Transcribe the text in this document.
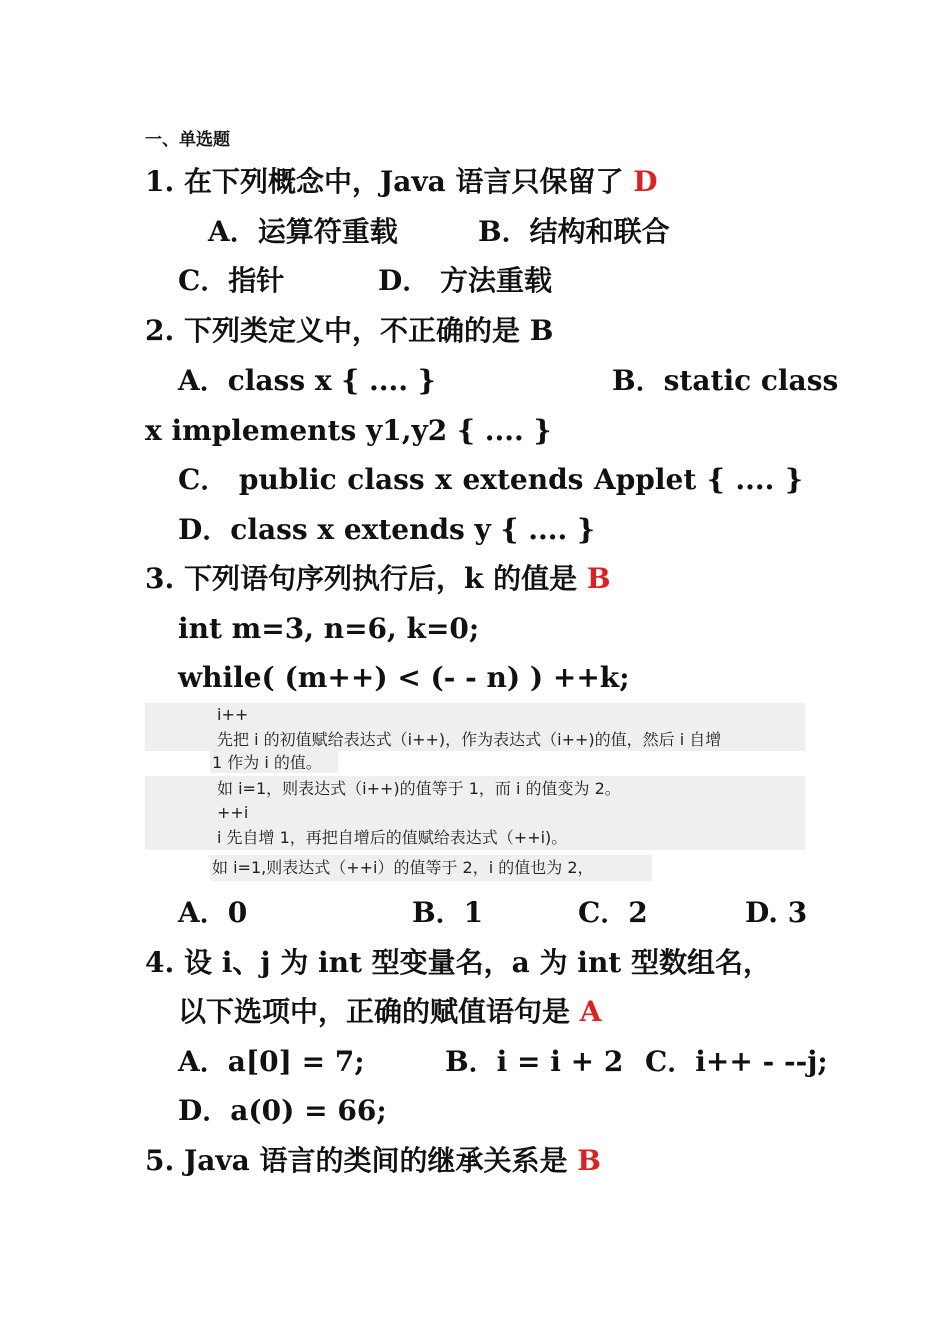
一、单选题
1. 在下列概念中，Java 语言只保留了 D
A．运算符重载	B．结构和联合
C．指针	D． 方法重载
2. 下列类定义中，不正确的是 B
A．class x { .... }	B．static class
x implements y1,y2 { .... }
C． public class x extends Applet { .... }
D．class x extends y { .... }
3. 下列语句序列执行后，k 的值是 B
int m=3, n=6, k=0;
while( (m++) < (- - n) ) ++k;
i++
先把 i 的初值赋给表达式（i++)，作为表达式（i++)的值，然后 i 自增
1 作为 i 的值。
如 i=1，则表达式（i++)的值等于 1，而 i 的值变为 2。
++i
i 先自增 1，再把自增后的值赋给表达式（++i)。
如 i=1,则表达式（++i）的值等于 2，i 的值也为 2，
A．0	B．1	C．2	D. 3
4. 设 i、j 为 int 型变量名，a 为 int 型数组名，
以下选项中，正确的赋值语句是 A
A．a[0] = 7;	B．i = i + 2 C．i++ - --j;
D．a(0) = 66;
5. Java 语言的类间的继承关系是 B
